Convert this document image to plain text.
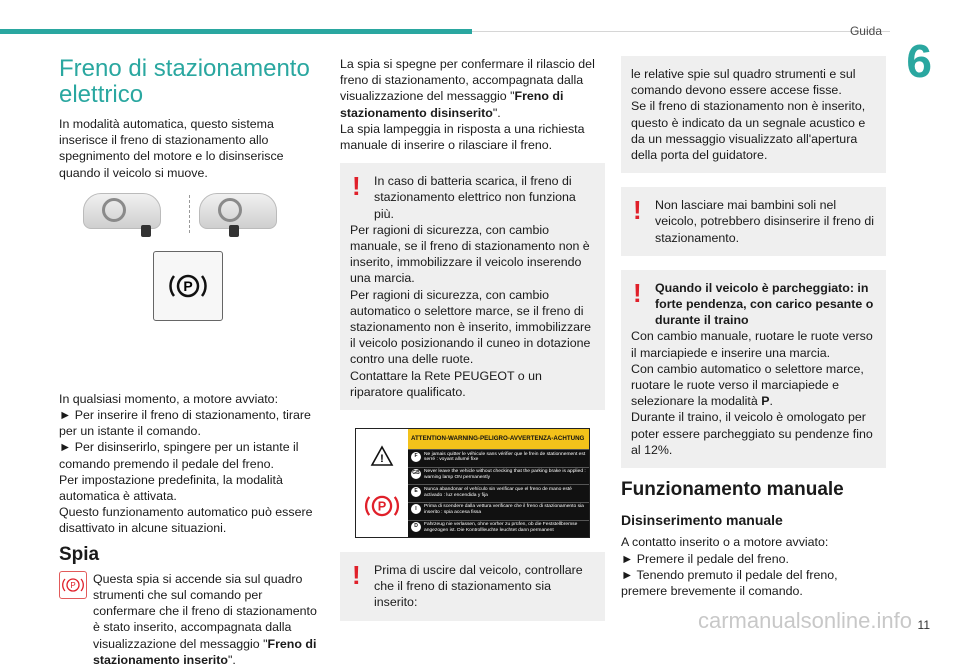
Guida
6
11
carmanualsonline.info
Freno di stazionamento elettrico

In modalità automatica, questo sistema inserisce il freno di stazionamento allo spegnimento del motore e lo disinserisce quando il veicolo si muove.

P

In qualsiasi momento, a motore avviato:

► Per inserire il freno di stazionamento, tirare per un istante il comando.

► Per disinserirlo, spingere per un istante il comando premendo il pedale del freno.

Per impostazione predefinita, la modalità automatica è attivata.

Questo funzionamento automatico può essere disattivato in alcune situazioni.

Spia
P Questa spia si accende sia sul quadro strumenti che sul comando per confermare che il freno di stazionamento è stato inserito, accompagnata dalla visualizzazione del messaggio "Freno di stazionamento inserito".

La spia si spegne per confermare il rilascio del freno di stazionamento, accompagnata dalla visualizzazione del messaggio "Freno di stazionamento disinserito".

La spia lampeggia in risposta a una richiesta manuale di inserire o rilasciare il freno.

!	In caso di batteria scarica, il freno di stazionamento elettrico non funziona più.

Per ragioni di sicurezza, con cambio manuale, se il freno di stazionamento non è inserito, immobilizzare il veicolo inserendo una marcia.

Per ragioni di sicurezza, con cambio automatico o selettore marce, se il freno di stazionamento non è inserito, immobilizzare il veicolo posizionando il cuneo in dotazione contro una delle ruote.

Contattare la Rete PEUGEOT o un riparatore qualificato.

!
P
ATTENTION-WARNING-PELIGRO-AVVERTENZA-ACHTUNG
F	Ne jamais quitter le véhicule sans vérifier que le frein de stationnement est serré : voyant allumé fixe
GB Never leave the vehicle without checking that the parking brake is applied : warning lamp ON permanently
E	Nunca abandonar el vehículo sin verificar que el freno de mano esté activado : luz encendida y fija
I	Prima di scendere dalla vettura verificare che il freno di stazionamento sia inserito : spia accesa fissa
D	Fahrzeug nie verlassen, ohne vorher zu prüfen, ob die Feststellbremse angezogen ist. Die Kontrollleuchte leuchtet dann permanent
!	Prima di uscire dal veicolo, controllare che il freno di stazionamento sia inserito:

le relative spie sul quadro strumenti e sul comando devono essere accese fisse.

Se il freno di stazionamento non è inserito, questo è indicato da un segnale acustico e da un messaggio visualizzato all'apertura della porta del guidatore.

!	Non lasciare mai bambini soli nel veicolo, potrebbero disinserire il freno di stazionamento.

!	Quando il veicolo è parcheggiato: in forte pendenza, con carico pesante o durante il traino

Con cambio manuale, ruotare le ruote verso il marciapiede e inserire una marcia.

Con cambio automatico o selettore marce, ruotare le ruote verso il marciapiede e selezionare la modalità P.

Durante il traino, il veicolo è omologato per poter essere parcheggiato su pendenze fino al 12%.

Funzionamento manuale
Disinserimento manuale

A contatto inserito o a motore avviato:

► Premere il pedale del freno.

► Tenendo premuto il pedale del freno, premere brevemente il comando.
